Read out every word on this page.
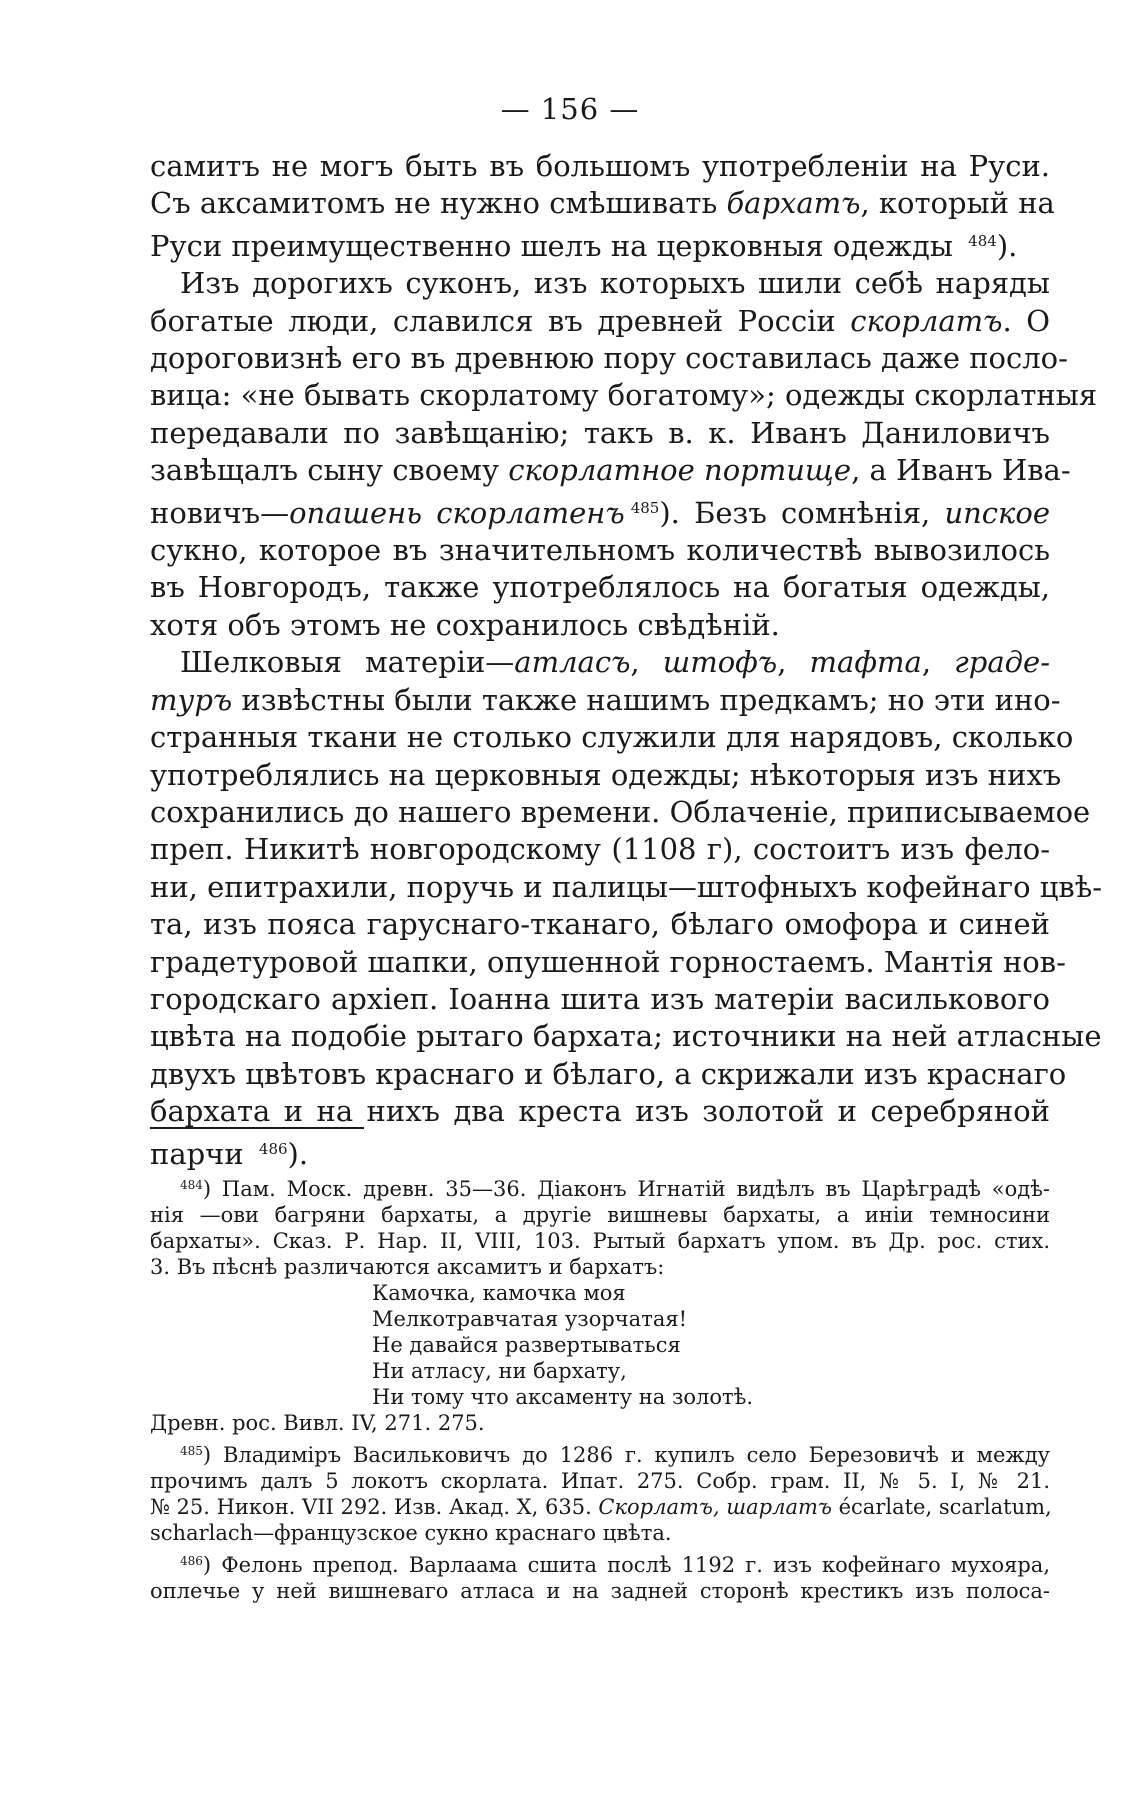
— 156 —

самитъ не могъ быть въ большомъ употребленіи на Руси.
Съ аксамитомъ не нужно смѣшивать бархатъ, который на
Руси преимущественно шелъ на церковныя одежды $^{484}$).

Изъ дорогихъ суконъ, изъ которыхъ шили себѣ наряды
богатые люди, славился въ древней Россіи скорлатъ. О
дороговизнѣ его въ древнюю пору составилась даже посло-
вица: «не бывать скорлатому богатому»; одежды скорлатныя
передавали по завѣщанію; такъ в. к. Иванъ Даниловичъ
завѣщалъ сыну своему скорлатное портище, а Иванъ Ива-
новичъ—опашень скорлатенъ $^{485}$). Безъ сомнѣнія, ипское
сукно, которое въ значительномъ количествѣ вывозилось
въ Новгородъ, также употреблялось на богатыя одежды,
хотя объ этомъ не сохранилось свѣдѣній.

Шелковыя матеріи—атласъ, штофъ, тафта, граде-
туръ извѣстны были также нашимъ предкамъ; но эти ино-
странныя ткани не столько служили для нарядовъ, сколько
употреблялись на церковныя одежды; нѣкоторыя изъ нихъ
сохранились до нашего времени. Облаченіе, приписываемое
преп. Никитѣ новгородскому (1108 г), состоитъ изъ фело-
ни, епитрахили, поручь и палицы—штофныхъ кофейнаго цвѣ-
та, изъ пояса гаруснаго-тканаго, бѣлаго омофора и синей
градетуровой шапки, опушенной горностаемъ. Мантія нов-
городскаго архіеп. Іоанна шита изъ матеріи василькового
цвѣта на подобіе рытаго бархата; источники на ней атласные
двухъ цвѣтовъ краснаго и бѣлаго, а скрижали изъ краснаго
бархата и на нихъ два креста изъ золотой и серебряной
парчи $^{486}$).

$^{484}$) Пам. Моск. древн. 35—36. Діаконъ Игнатій видѣлъ въ Царѣградѣ «одѣ-
нія —ови багряни бархаты, а другіе вишневы бархаты, а иніи темносини
бархаты». Сказ. Р. Нар. II, VIII, 103. Рытый бархатъ упом. въ Др. рос. стих.
3. Въ пѣснѣ различаются аксамитъ и бархатъ:
Камочка, камочка моя
Мелкотравчатая узорчатая!
Не давайся развертываться
Ни атласу, ни бархату,
Ни тому что аксаменту на золотѣ.
Древн. рос. Вивл. IV, 271. 275.
$^{485}$) Владиміръ Васильковичъ до 1286 г. купилъ село Березовичѣ и между
прочимъ далъ 5 локотъ скорлата. Ипат. 275. Собр. грам. II, № 5. I, № 21.
№ 25. Никон. VII 292. Изв. Акад. X, 635. Скорлатъ, шарлатъ écarlate, scarlatum,
scharlach—французское сукно краснаго цвѣта.
$^{486}$) Фелонь препод. Варлаама сшита послѣ 1192 г. изъ кофейнаго мухояра,
оплечье у ней вишневаго атласа и на задней сторонѣ крестикъ изъ полоса-
